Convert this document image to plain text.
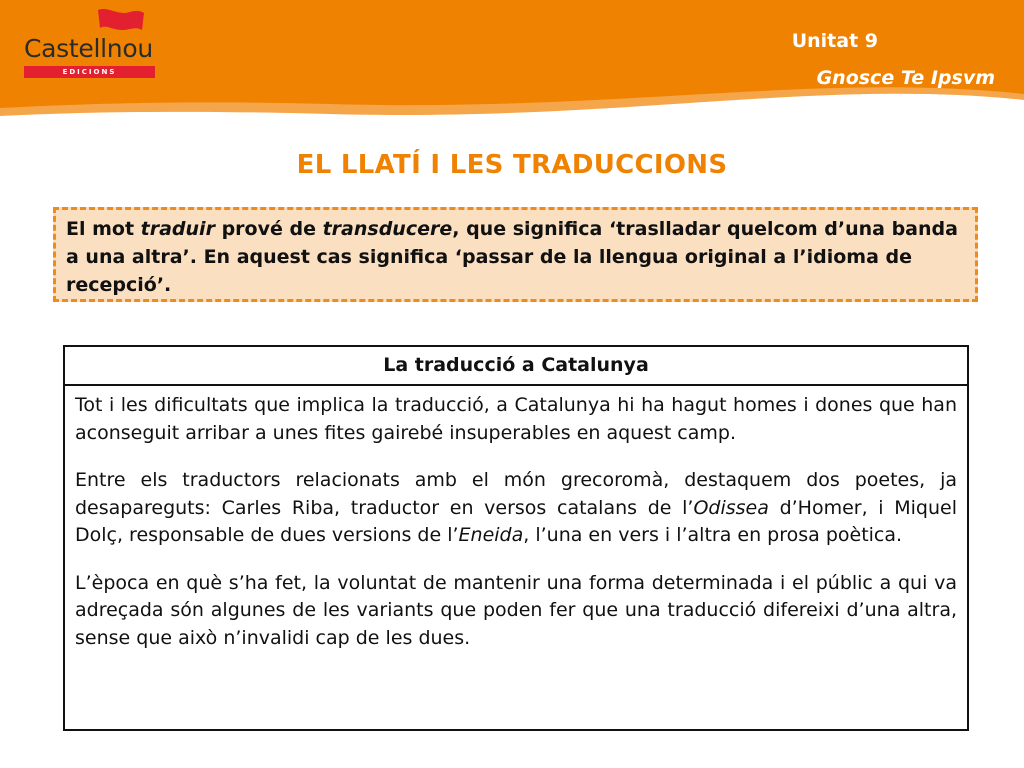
Castellnou
EDICIONS
Unitat 9
Gnosce Te Ipsvm
EL LLATÍ I LES TRADUCCIONS
El mot traduir prové de transducere, que significa ‘traslladar quelcom d’una banda a una altra’. En aquest cas significa ‘passar de la llengua original a l’idioma de recepció’.
La traducció a Catalunya

Tot i les dificultats que implica la traducció, a Catalunya hi ha hagut homes i dones que han aconseguit arribar a unes fites gairebé insuperables en aquest camp.

Entre els traductors relacionats amb el món grecoromà, destaquem dos poetes, ja desapareguts: Carles Riba, traductor en versos catalans de l’Odissea d’Homer, i Miquel Dolç, responsable de dues versions de l’Eneida, l’una en vers i l’altra en prosa poètica.

L’època en què s’ha fet, la voluntat de mantenir una forma determinada i el públic a qui va adreçada són algunes de les variants que poden fer que una traducció difereixi d’una altra, sense que això n’invalidi cap de les dues.
